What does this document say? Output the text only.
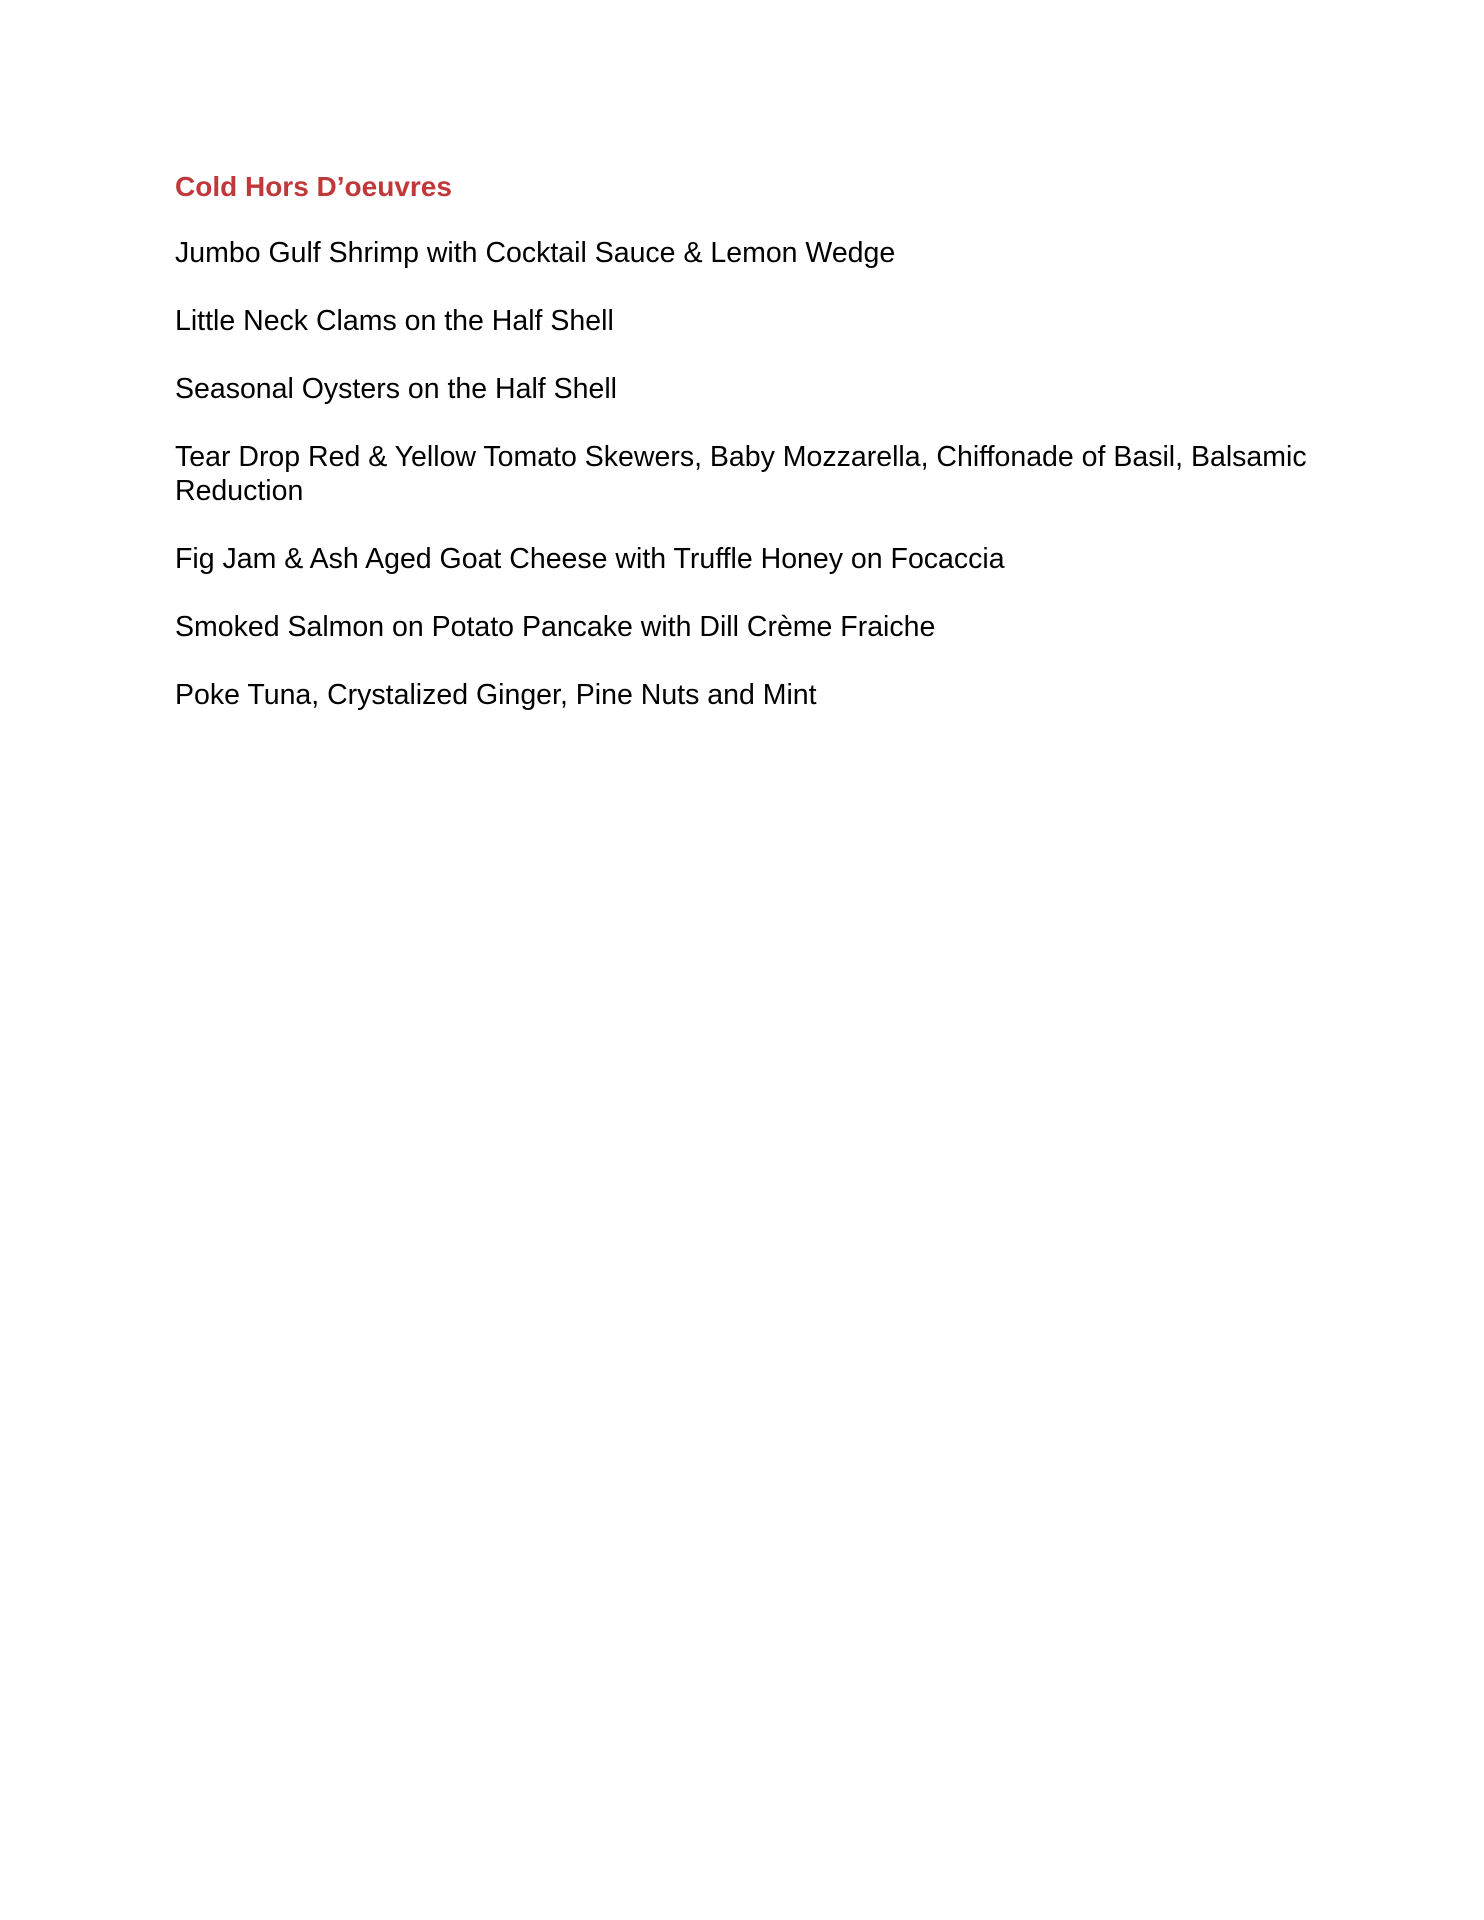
Cold Hors D’oeuvres
Jumbo Gulf Shrimp with Cocktail Sauce & Lemon Wedge
Little Neck Clams on the Half Shell
Seasonal Oysters on the Half Shell
Tear Drop Red & Yellow Tomato Skewers, Baby Mozzarella, Chiffonade of Basil, Balsamic Reduction
Fig Jam & Ash Aged Goat Cheese with Truffle Honey on Focaccia
Smoked Salmon on Potato Pancake with Dill Crème Fraiche
Poke Tuna, Crystalized Ginger, Pine Nuts and Mint
